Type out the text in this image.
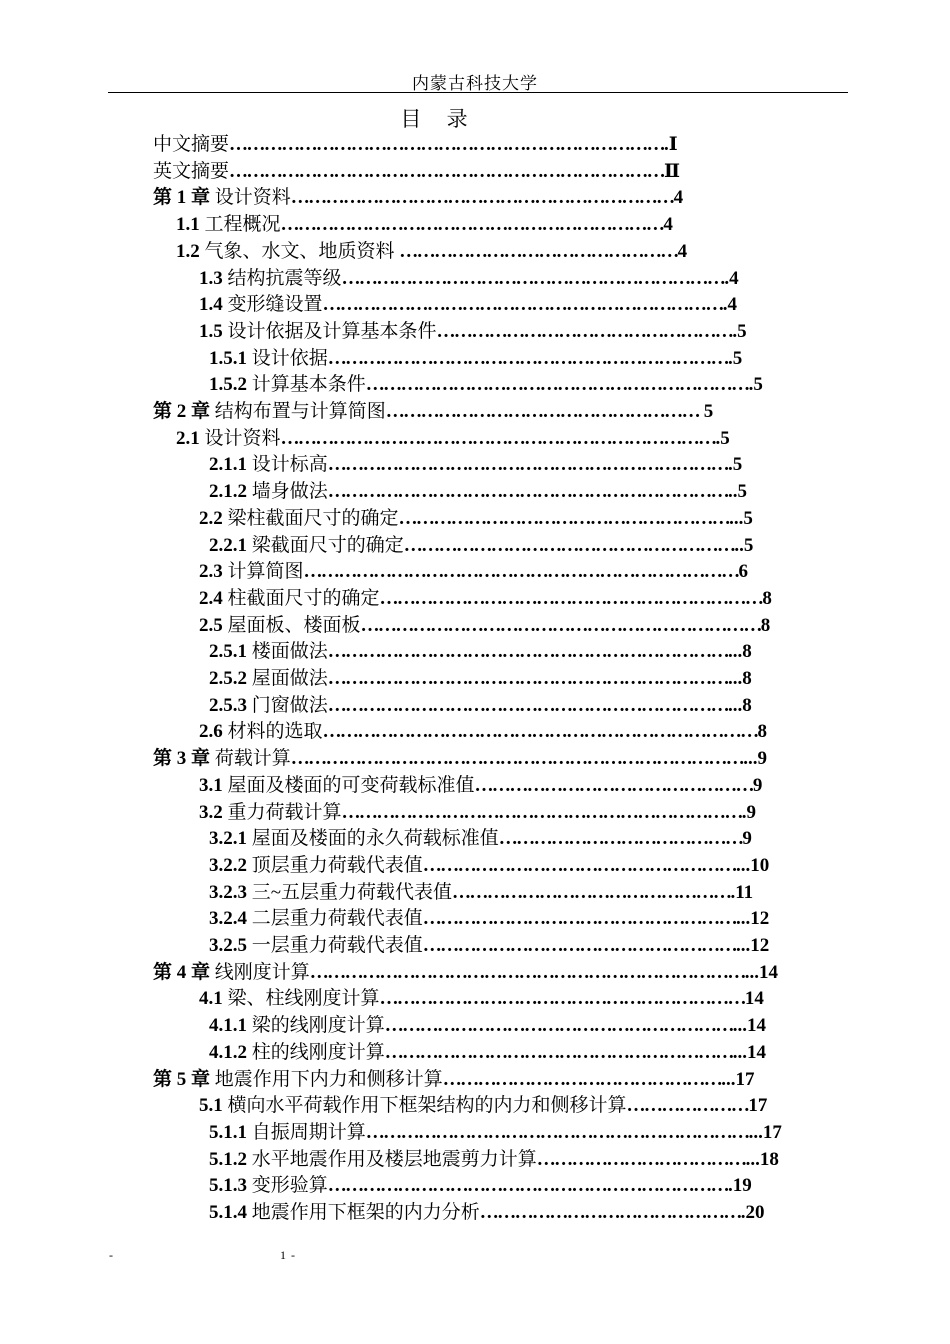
内蒙古科技大学
目 录
中文摘要………………………………………………………………….Ⅰ
英文摘要…………………………………………………………………Ⅱ
第 1 章 设计资料…………………………………………………………4
1.1 工程概况…………………………………………………………4
1.2 气象、水文、地质资料 …………………………………………4
1.3 结构抗震等级………………………………………………………….4
1.4 变形缝设置…………………………………………………………….4
1.5 设计依据及计算基本条件…………………………………………….5
1.5.1 设计依据…………………………………………………………….5
1.5.2 计算基本条件………………………………………………………….5
第 2 章 结构布置与计算简图……………………………………………… 5
2.1 设计资料………………………………………………………………….5
2.1.1 设计标高…………………………………………………………….5
2.1.2 墙身做法……………………………………………………………..5
2.2 梁柱截面尺寸的确定…………………………………………………...5
2.2.1 梁截面尺寸的确定…………………………………………………..5
2.3 计算简图…………………………………………………………………6
2.4 柱截面尺寸的确定…………………………………………………………8
2.5 屋面板、楼面板……………………………………………………………8
2.5.1 楼面做法……………………………………………………………...8
2.5.2 屋面做法……………………………………………………………...8
2.5.3 门窗做法……………………………………………………………...8
2.6 材料的选取…………………………………………………………………8
第 3 章 荷载计算……………………………………………………………………...9
3.1 屋面及楼面的可变荷载标准值…………………………………………9
3.2 重力荷载计算…………………………………………………………….9
3.2.1 屋面及楼面的永久荷载标准值……………………………………9
3.2.2 顶层重力荷载代表值………………………………………………...10
3.2.3 三~五层重力荷载代表值………………………………………….11
3.2.4 二层重力荷载代表值………………………………………………...12
3.2.5 一层重力荷载代表值………………………………………………...12
第 4 章 线刚度计算…………………………………………………………………...14
4.1 梁、柱线刚度计算………………………………………………………14
4.1.1 梁的线刚度计算……………………………………………………...14
4.1.2 柱的线刚度计算……………………………………………………...14
第 5 章 地震作用下内力和侧移计算…………………………………………...17
5.1 横向水平荷载作用下框架结构的内力和侧移计算…………………17
5.1.1 自振周期计算…………………………………………………………...17
5.1.2 水平地震作用及楼层地震剪力计算………………………………...18
5.1.3 变形验算…………………………………………………………….19
5.1.4 地震作用下框架的内力分析……………………………………….20
-	1 -
